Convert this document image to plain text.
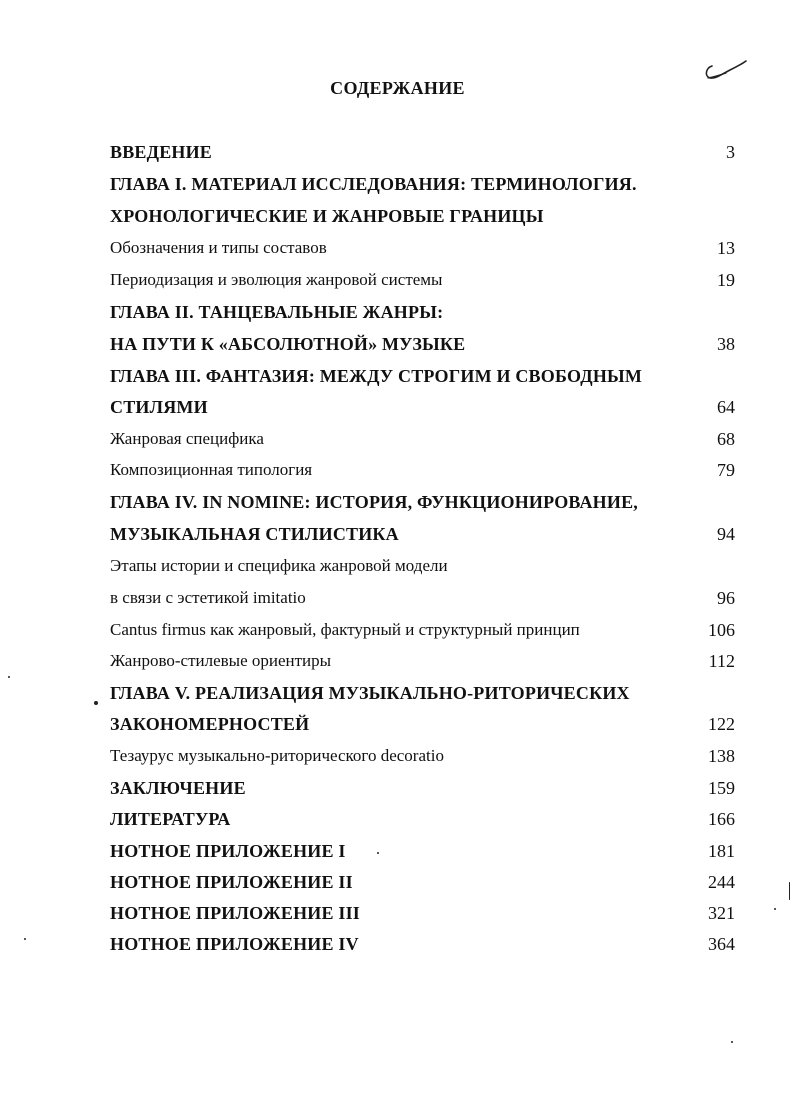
СОДЕРЖАНИЕ
ВВЕДЕНИЕ	3
ГЛАВА I. МАТЕРИАЛ ИССЛЕДОВАНИЯ: ТЕРМИНОЛОГИЯ.
ХРОНОЛОГИЧЕСКИЕ И ЖАНРОВЫЕ ГРАНИЦЫ
Обозначения и типы составов	13
Периодизация и эволюция жанровой системы	19
ГЛАВА II. ТАНЦЕВАЛЬНЫЕ ЖАНРЫ:
НА ПУТИ К «АБСОЛЮТНОЙ» МУЗЫКЕ	38
ГЛАВА III. ФАНТАЗИЯ: МЕЖДУ СТРОГИМ И СВОБОДНЫМ
СТИЛЯМИ	64
Жанровая специфика	68
Композиционная типология	79
ГЛАВА IV. IN NOMINE: ИСТОРИЯ, ФУНКЦИОНИРОВАНИЕ,
МУЗЫКАЛЬНАЯ СТИЛИСТИКА	94
Этапы истории и специфика жанровой модели
в связи с эстетикой imitatio	96
Cantus firmus как жанровый, фактурный и структурный принцип	106
Жанрово-стилевые ориентиры	112
ГЛАВА V. РЕАЛИЗАЦИЯ МУЗЫКАЛЬНО-РИТОРИЧЕСКИХ
ЗАКОНОМЕРНОСТЕЙ	122
Тезаурус музыкально-риторического decoratio	138
ЗАКЛЮЧЕНИЕ	159
ЛИТЕРАТУРА	166
НОТНОЕ ПРИЛОЖЕНИЕ I	181
НОТНОЕ ПРИЛОЖЕНИЕ II	244
НОТНОЕ ПРИЛОЖЕНИЕ III	321
НОТНОЕ ПРИЛОЖЕНИЕ IV	364
